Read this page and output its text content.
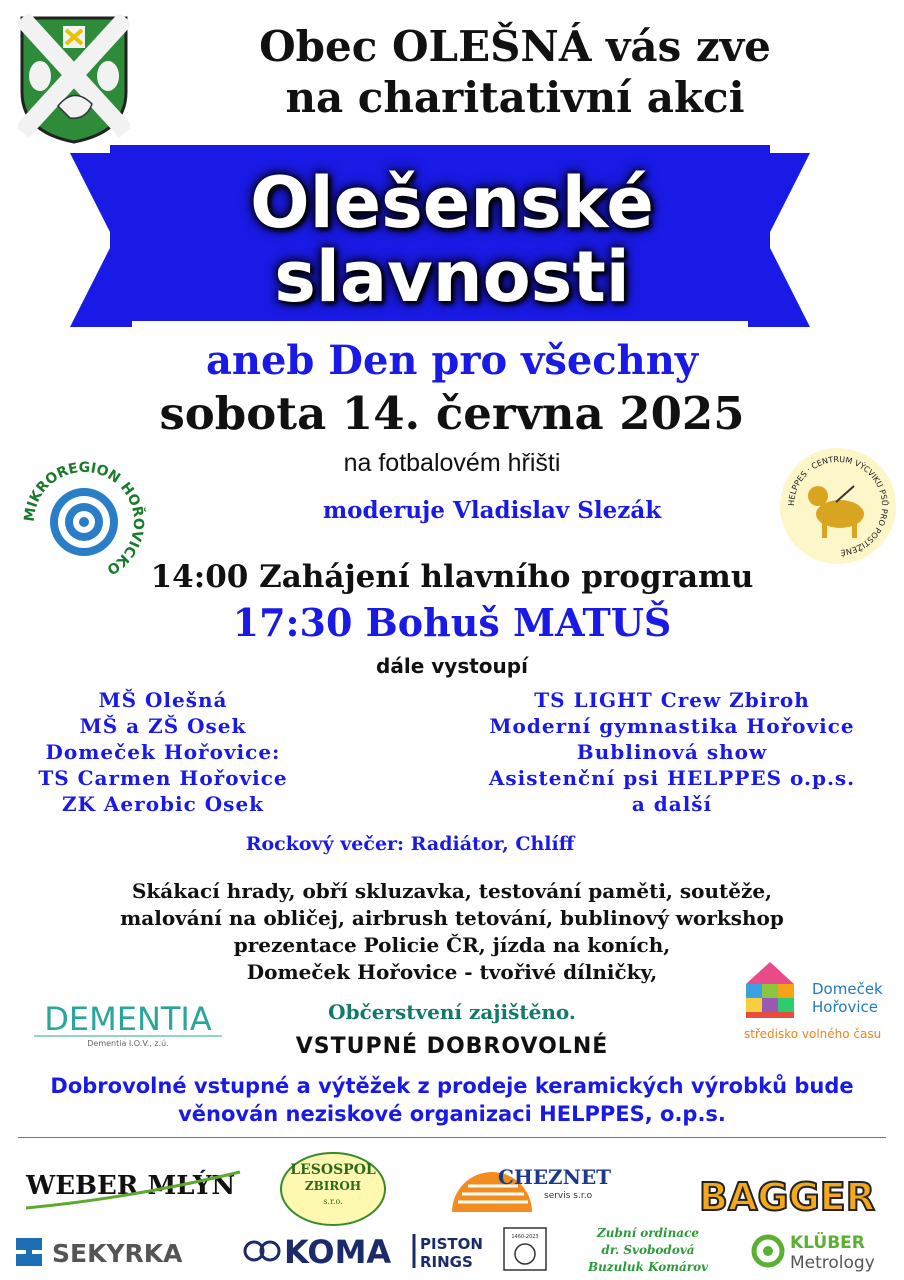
Obec OLEŠNÁ vás zve
na charitativní akci
Olešenské
slavnosti
aneb Den pro všechny
sobota 14. června 2025
na fotbalovém hřišti
moderuje Vladislav Slezák
MIKROREGION HOŘOVICKO
HELPPES · CENTRUM VÝCVIKU PSŮ PRO POSTIŽENÉ
14:00 Zahájení hlavního programu
17:30 Bohuš MATUŠ
dále vystoupí
MŠ Olešná
MŠ a ZŠ Osek
Domeček Hořovice:
TS Carmen Hořovice
ZK Aerobic Osek
TS LIGHT Crew Zbiroh
Moderní gymnastika Hořovice
Bublinová show
Asistenční psi HELPPES o.p.s.
a další
Rockový večer: Radiátor, Chlíff
Skákací hrady, obří skluzavka, testování paměti, soutěže,
malování na obličej, airbrush tetování, bublinový workshop
prezentace Policie ČR, jízda na koních,
Domeček Hořovice - tvořivé dílničky,
Občerstvení zajištěno.
VSTUPNÉ DOBROVOLNÉ
DEMENTIA
Dementia I.O.V., z.ú.
Domeček
Hořovice
středisko volného času
Dobrovolné vstupné a výtěžek z prodeje keramických výrobků bude
věnován neziskové organizaci HELPPES, o.p.s.
WEBER MLÝN
LESOSPOL
ZBIROH
s.r.o.
CHEZNET
servis s.r.o	BAGGER
SEKYRKA	KOMA PISTON
RINGS
1460-2023	Zubní ordinace
dr. Svobodová
Buzuluk Komárov
KLÜBER
Metrology
